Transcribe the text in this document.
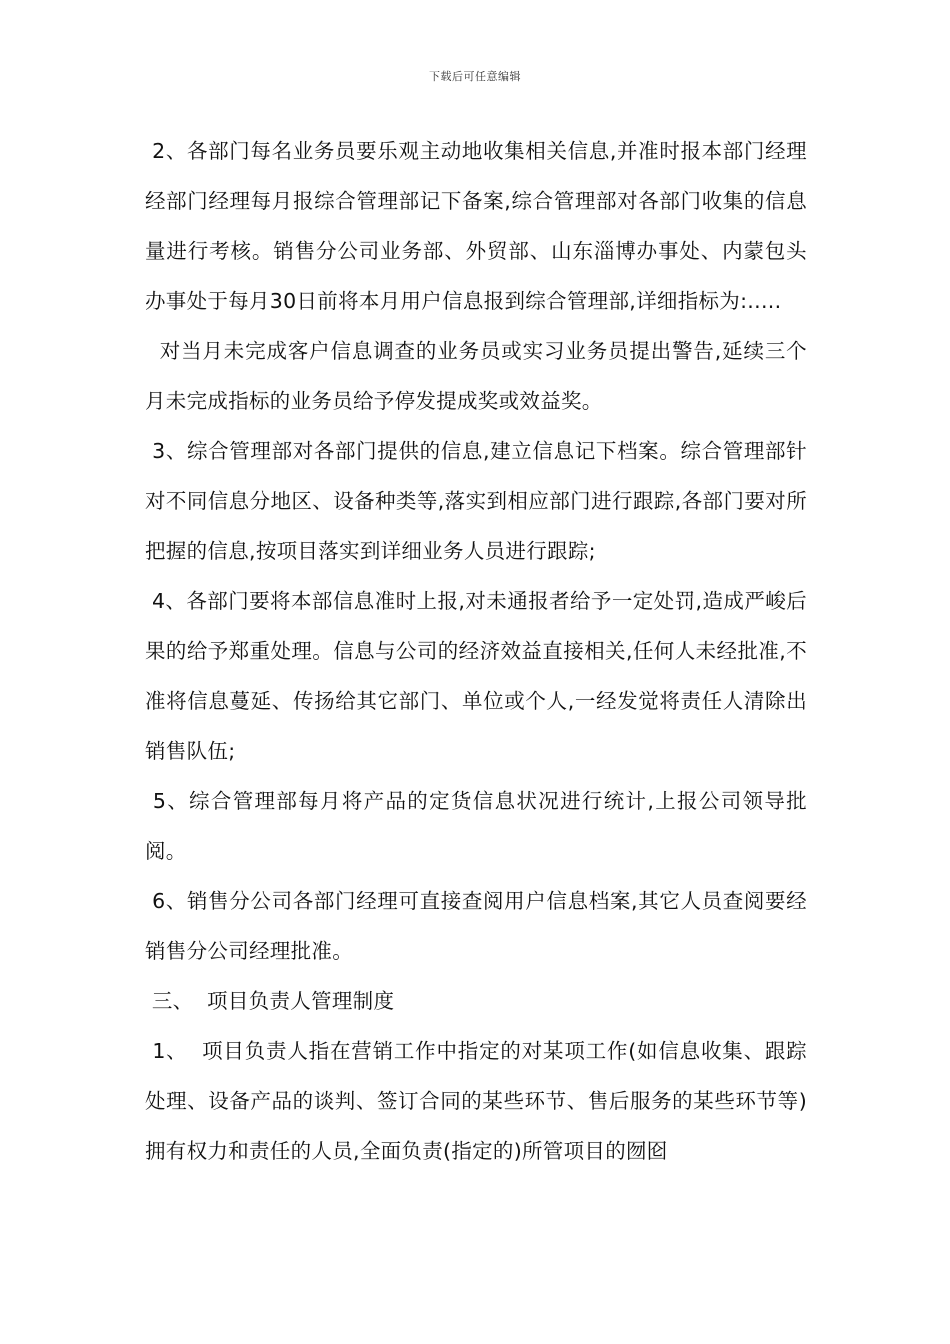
下载后可任意编辑

2、各部门每名业务员要乐观主动地收集相关信息,并准时报本部门经理经部门经理每月报综合管理部记下备案,综合管理部对各部门收集的信息量进行考核。销售分公司业务部、外贸部、山东淄博办事处、内蒙包头办事处于每月30日前将本月用户信息报到综合管理部,详细指标为:.....

对当月未完成客户信息调查的业务员或实习业务员提出警告,延续三个月未完成指标的业务员给予停发提成奖或效益奖。

3、综合管理部对各部门提供的信息,建立信息记下档案。综合管理部针对不同信息分地区、设备种类等,落实到相应部门进行跟踪,各部门要对所把握的信息,按项目落实到详细业务人员进行跟踪;

4、各部门要将本部信息准时上报,对未通报者给予一定处罚,造成严峻后果的给予郑重处理。信息与公司的经济效益直接相关,任何人未经批准,不准将信息蔓延、传扬给其它部门、单位或个人,一经发觉将责任人清除出销售队伍;

5、综合管理部每月将产品的定货信息状况进行统计,上报公司领导批阅。

6、销售分公司各部门经理可直接查阅用户信息档案,其它人员查阅要经销售分公司经理批准。

三、  项目负责人管理制度

1、  项目负责人指在营销工作中指定的对某项工作(如信息收集、跟踪处理、设备产品的谈判、签订合同的某些环节、售后服务的某些环节等)拥有权力和责任的人员,全面负责(指定的)所管项目的囫囵
